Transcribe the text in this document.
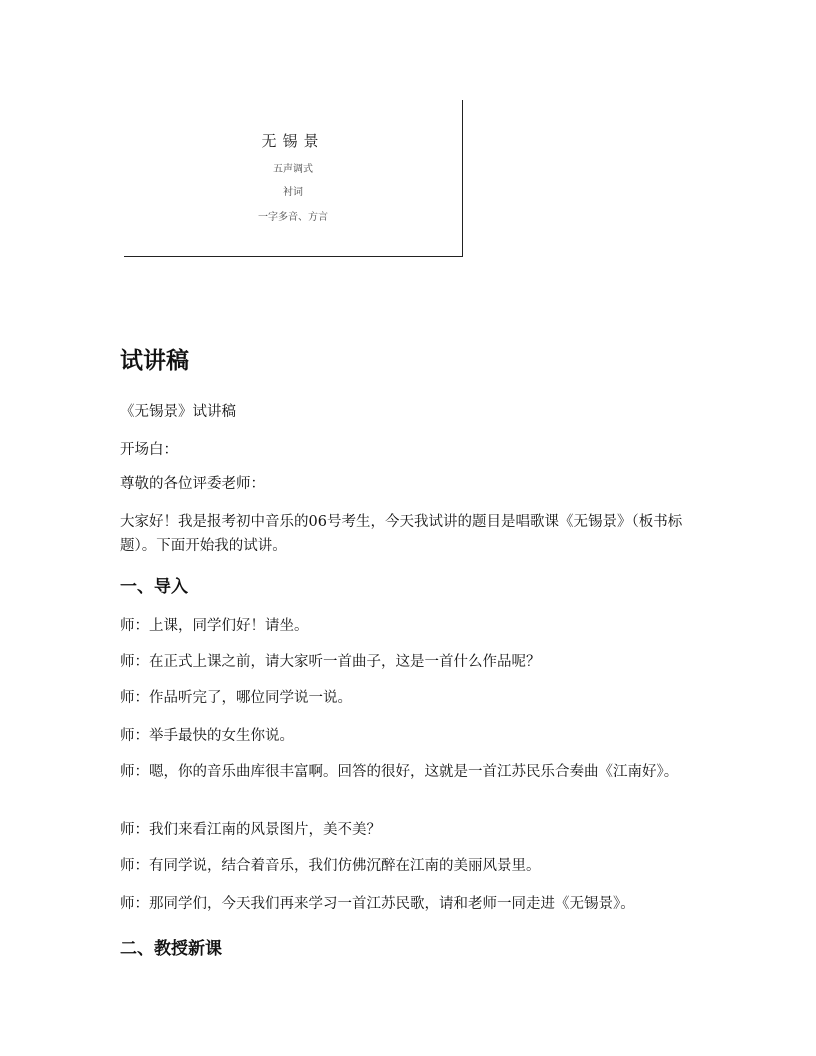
无锡景
五声调式
衬词
一字多音、方言
试讲稿

《无锡景》试讲稿

开场白：

尊敬的各位评委老师：

大家好！我是报考初中音乐的06号考生，今天我试讲的题目是唱歌课《无锡景》（板书标题）。下面开始我的试讲。

一、导入

师：上课，同学们好！请坐。

师：在正式上课之前，请大家听一首曲子，这是一首什么作品呢？

师：作品听完了，哪位同学说一说。

师：举手最快的女生你说。

师：嗯，你的音乐曲库很丰富啊。回答的很好，这就是一首江苏民乐合奏曲《江南好》。

师：我们来看江南的风景图片，美不美？

师：有同学说，结合着音乐，我们仿佛沉醉在江南的美丽风景里。

师：那同学们，今天我们再来学习一首江苏民歌，请和老师一同走进《无锡景》。

二、教授新课
